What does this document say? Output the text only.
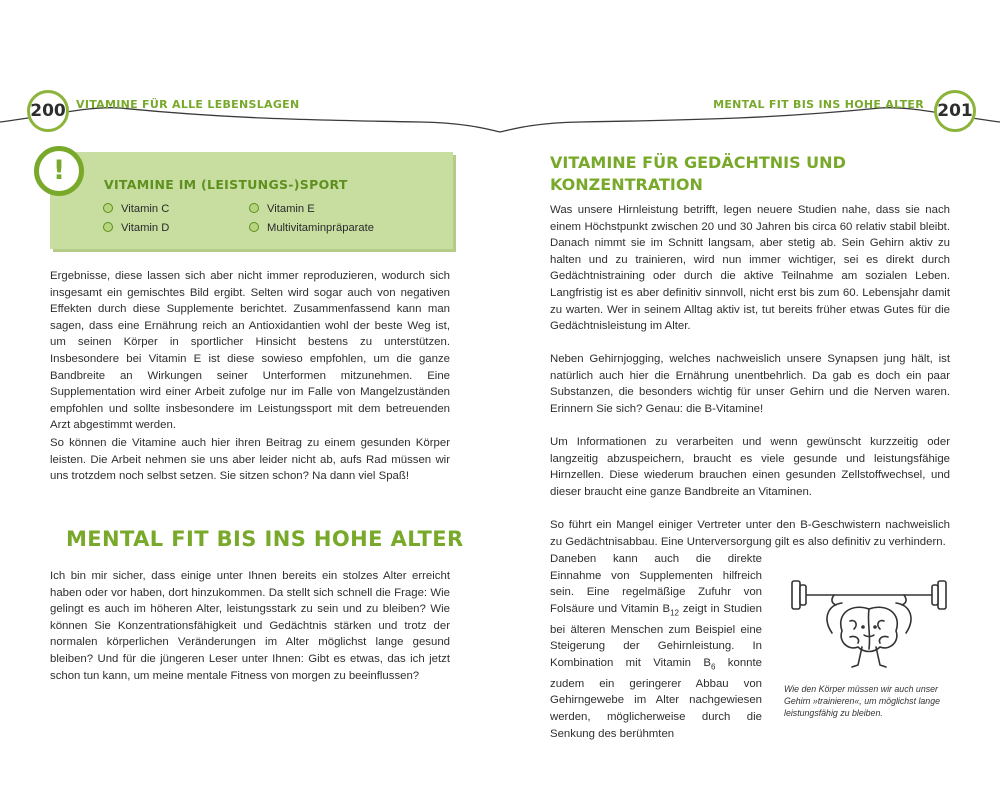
200 VITAMINE FÜR ALLE LEBENSLAGEN	201
MENTAL FIT BIS INS HOHE ALTER
!	VITAMINE IM (LEISTUNGS-)SPORT
Vitamin C	Vitamin E
Vitamin D	Multivitaminpräparate

Ergebnisse, diese lassen sich aber nicht immer reproduzieren, wodurch sich insgesamt ein gemischtes Bild ergibt. Selten wird sogar auch von negativen Effekten durch diese Supplemente berichtet. Zusammenfassend kann man sagen, dass eine Ernährung reich an Antioxidantien wohl der beste Weg ist, um seinen Körper in sportlicher Hinsicht bestens zu unterstützen. Insbesondere bei Vitamin E ist diese sowieso empfohlen, um die ganze Bandbreite an Wirkungen seiner Unterformen mitzunehmen. Eine Supplementation wird einer Arbeit zufolge nur im Falle von Mangelzuständen empfohlen und sollte insbesondere im Leistungssport mit dem betreuenden Arzt abgestimmt werden.

So können die Vitamine auch hier ihren Beitrag zu einem gesunden Körper leisten. Die Arbeit nehmen sie uns aber leider nicht ab, aufs Rad müssen wir uns trotzdem noch selbst setzen. Sie sitzen schon? Na dann viel Spaß!

MENTAL FIT BIS INS HOHE ALTER

Ich bin mir sicher, dass einige unter Ihnen bereits ein stolzes Alter erreicht haben oder vor haben, dort hinzukommen. Da stellt sich schnell die Frage: Wie gelingt es auch im höheren Alter, leistungsstark zu sein und zu bleiben? Wie können Sie Konzentrationsfähigkeit und Gedächtnis stärken und trotz der normalen körperlichen Veränderungen im Alter möglichst lange gesund bleiben? Und für die jüngeren Leser unter Ihnen: Gibt es etwas, das ich jetzt schon tun kann, um meine mentale Fitness von morgen zu beeinflussen?

VITAMINE FÜR GEDÄCHTNIS UND
KONZENTRATION

Was unsere Hirnleistung betrifft, legen neuere Studien nahe, dass sie nach einem Höchstpunkt zwischen 20 und 30 Jahren bis circa 60 relativ stabil bleibt. Danach nimmt sie im Schnitt langsam, aber stetig ab. Sein Gehirn aktiv zu halten und zu trainieren, wird nun immer wichtiger, sei es direkt durch Gedächtnistraining oder durch die aktive Teilnahme am sozialen Leben. Langfristig ist es aber definitiv sinnvoll, nicht erst bis zum 60. Lebensjahr damit zu warten. Wer in seinem Alltag aktiv ist, tut bereits früher etwas Gutes für die Gedächtnisleistung im Alter.

Neben Gehirnjogging, welches nachweislich unsere Synapsen jung hält, ist natürlich auch hier die Ernährung unentbehrlich. Da gab es doch ein paar Substanzen, die besonders wichtig für unser Gehirn und die Nerven waren. Erinnern Sie sich? Genau: die B-Vitamine!

Um Informationen zu verarbeiten und wenn gewünscht kurzzeitig oder langzeitig abzuspeichern, braucht es viele gesunde und leistungsfähige Hirnzellen. Diese wiederum brauchen einen gesunden Zellstoffwechsel, und dieser braucht eine ganze Bandbreite an Vitaminen.

So führt ein Mangel einiger Vertreter unter den B-Geschwistern nachweislich zu Gedächtnisabbau. Eine Unterversorgung gilt es also definitiv zu verhindern.

Daneben kann auch die direkte Einnahme von Supplementen hilfreich sein. Eine regelmäßige Zufuhr von Folsäure und Vitamin $B_{12}$ zeigt in Studien bei älteren Menschen zum Beispiel eine Steigerung der Gehirnleistung. In Kombination mit Vitamin $B_6$ konnte zudem ein geringerer Abbau von Gehirngewebe im Alter nachgewiesen werden, möglicherweise durch die Senkung des berühmten

Wie den Körper müssen wir auch unser Gehirn »trainieren«, um möglichst lange leistungsfähig zu bleiben.
